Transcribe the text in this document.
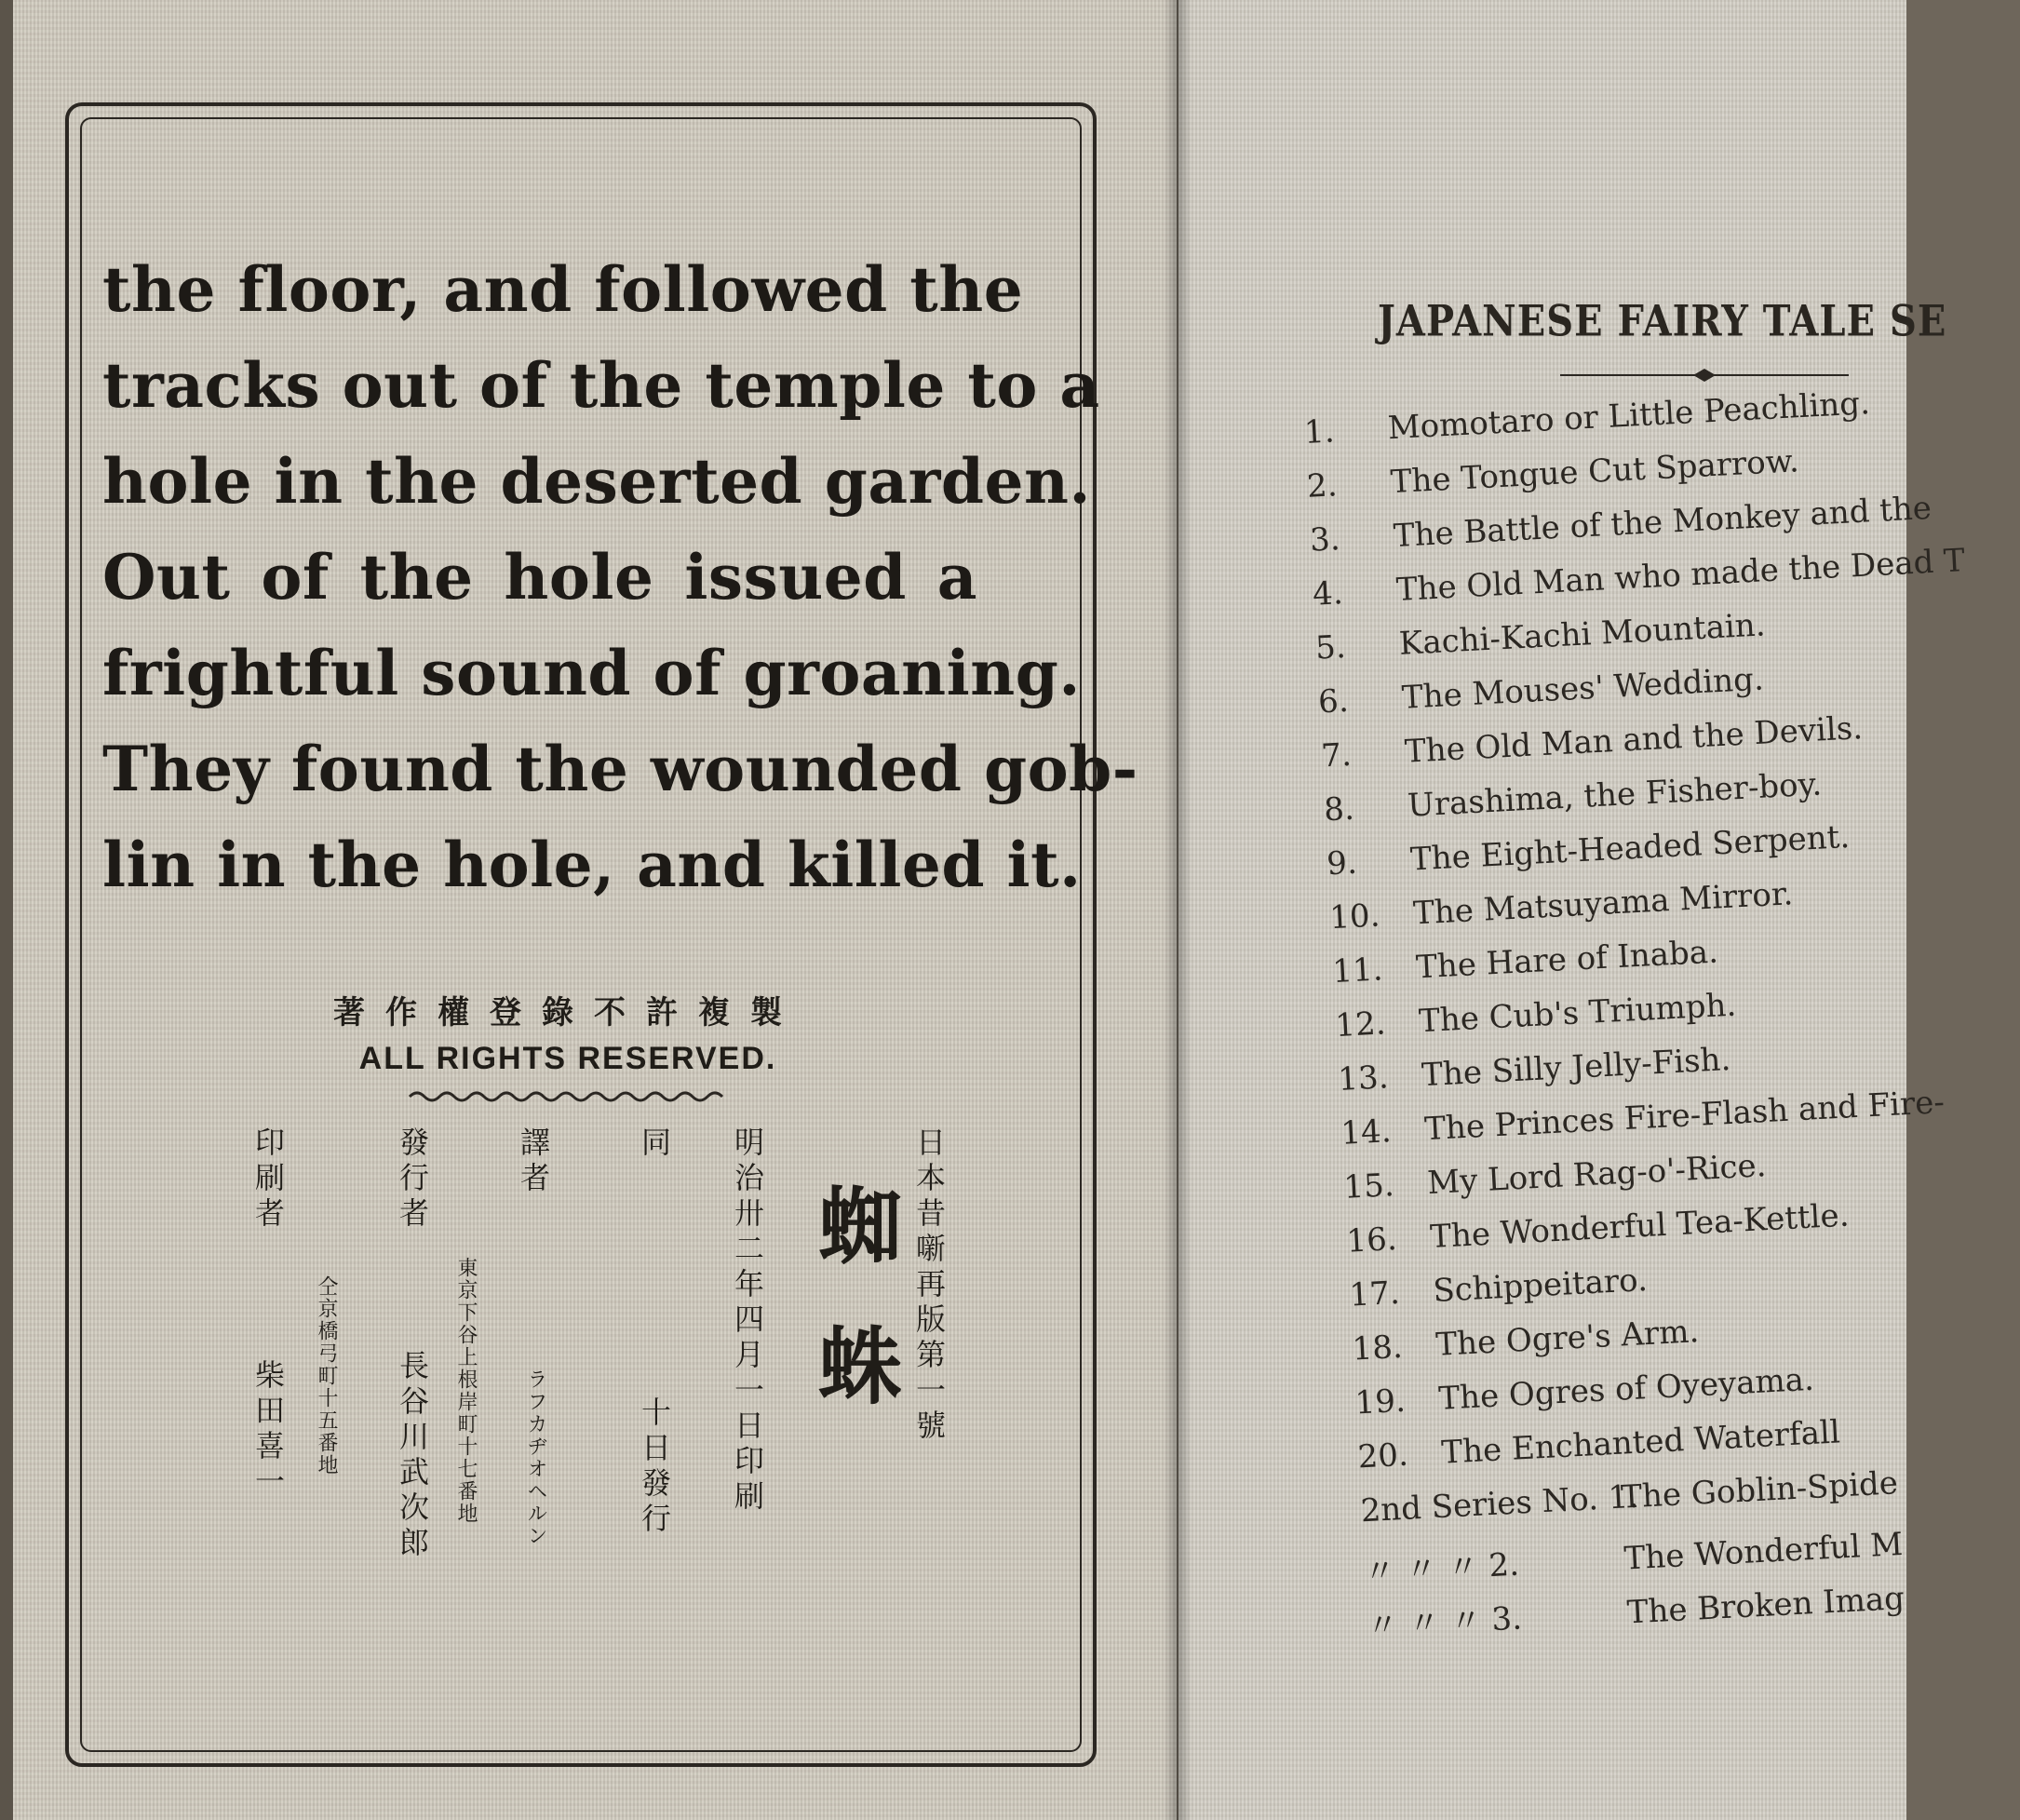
the floor, and followed the
tracks out of the temple to a
hole in the deserted garden.
Out of the hole issued a
frightful sound of groaning.
They found the wounded gob-
lin in the hole, and killed it.
著作權登錄不許複製
ALL RIGHTS RESERVED.
日本昔噺再版第一號
蜘蛛
明治卅二年四月一日印刷
同
十日發行
譯者
ラフカヂオヘルン
東京下谷上根岸町十七番地
發行者
長谷川武次郎
仝京橋弓町十五番地
印刷者
柴田喜一
JAPANESE FAIRY TALE SE
1. Momotaro or Little Peachling.
2. The Tongue Cut Sparrow.
3. The Battle of the Monkey and the
4. The Old Man who made the Dead T
5. Kachi-Kachi Mountain.
6. The Mouses' Wedding.
7. The Old Man and the Devils.
8. Urashima, the Fisher-boy.
9. The Eight-Headed Serpent.
10. The Matsuyama Mirror.
11. The Hare of Inaba.
12. The Cub's Triumph.
13. The Silly Jelly-Fish.
14. The Princes Fire-Flash and Fire-
15. My Lord Rag-o'-Rice.
16. The Wonderful Tea-Kettle.
17. Schippeitaro.
18. The Ogre's Arm.
19. The Ogres of Oyeyama.
20. The Enchanted Waterfall
2nd Series No. 1.The Goblin-Spide
〃 〃 〃 2.	The Wonderful M
〃 〃 〃 3.	The Broken Imag
